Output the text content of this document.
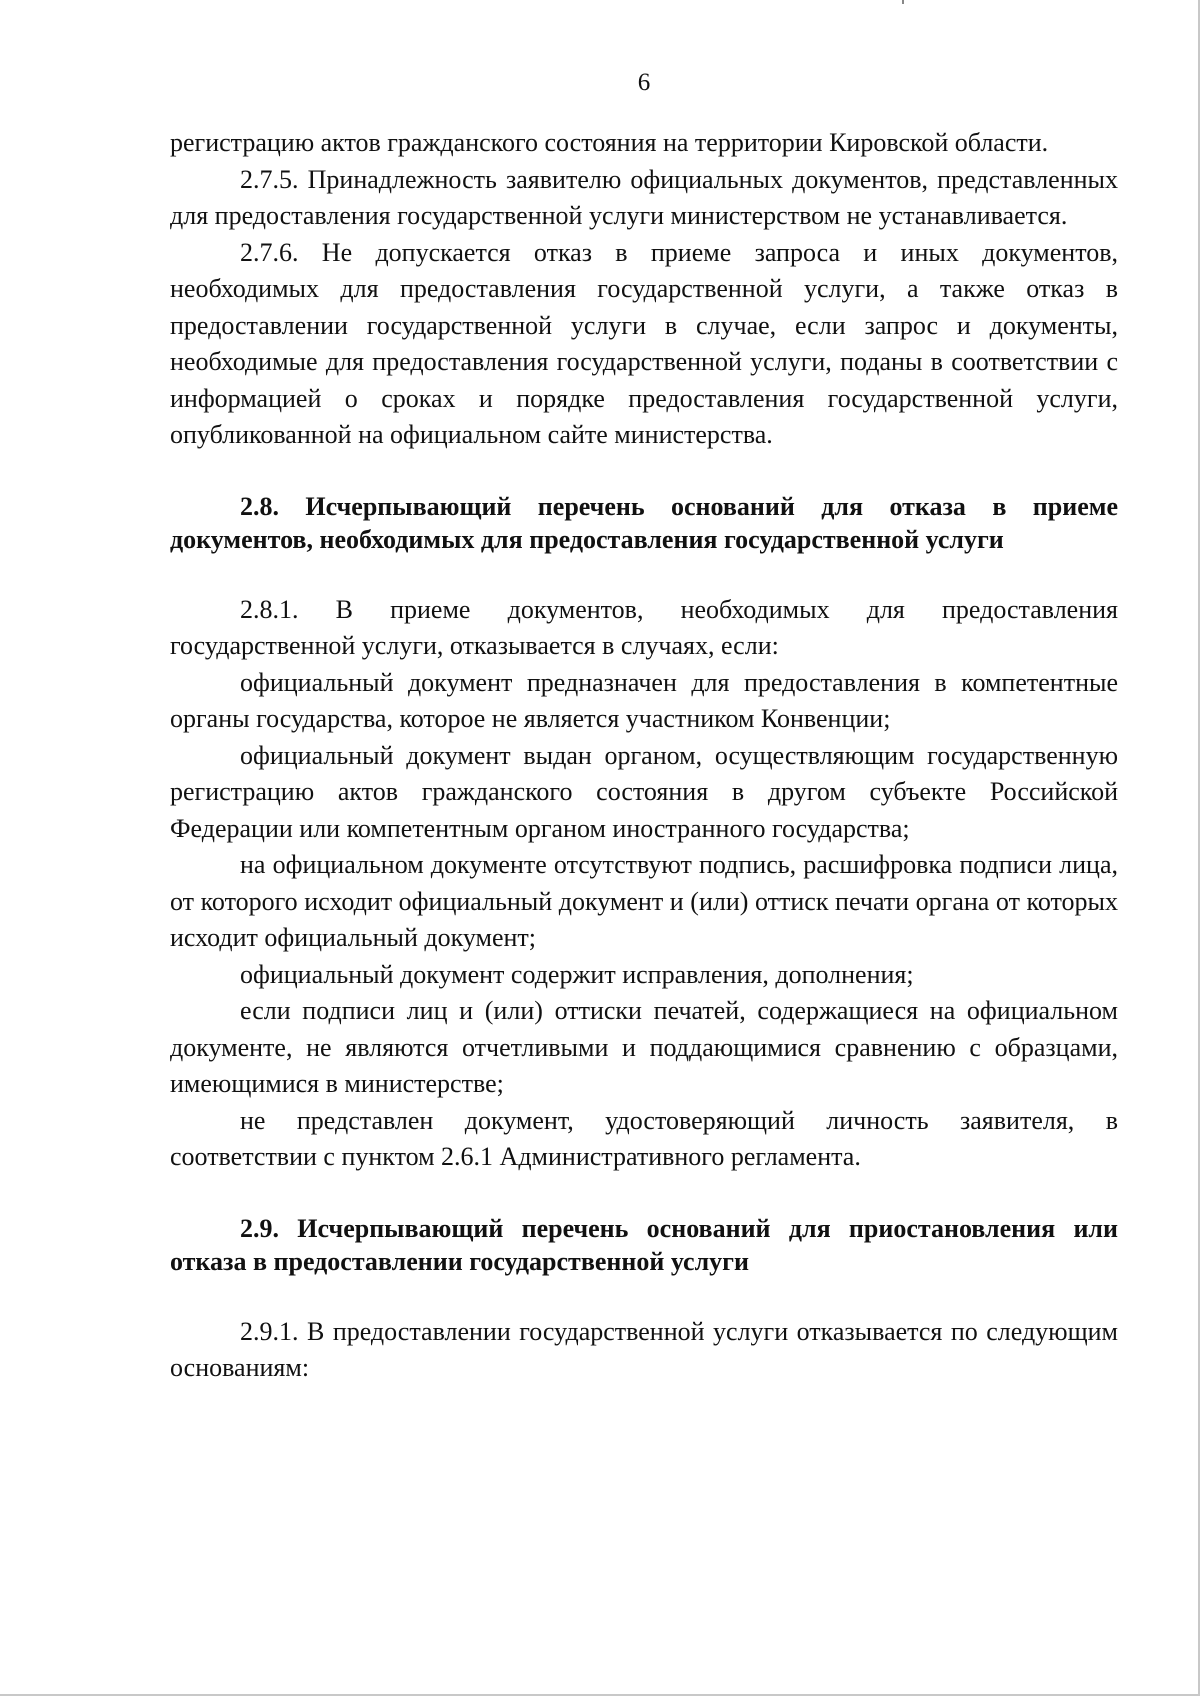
6

регистрацию актов гражданского состояния на территории Кировской области.

2.7.5. Принадлежность заявителю официальных документов, представленных для предоставления государственной услуги министерством не устанавливается.

2.7.6. Не допускается отказ в приеме запроса и иных документов, необходимых для предоставления государственной услуги, а также отказ в предоставлении государственной услуги в случае, если запрос и документы, необходимые для предоставления государственной услуги, поданы в соответствии с информацией о сроках и порядке предоставления государственной услуги, опубликованной на официальном сайте министерства.

2.8. Исчерпывающий перечень оснований для отказа в приеме документов, необходимых для предоставления государственной услуги

2.8.1. В приеме документов, необходимых для предоставления государственной услуги, отказывается в случаях, если:

официальный документ предназначен для предоставления в компетентные органы государства, которое не является участником Конвенции;

официальный документ выдан органом, осуществляющим государственную регистрацию актов гражданского состояния в другом субъекте Российской Федерации или компетентным органом иностранного государства;

на официальном документе отсутствуют подпись, расшифровка подписи лица, от которого исходит официальный документ и (или) оттиск печати органа от которых исходит официальный документ;

официальный документ содержит исправления, дополнения;

если подписи лиц и (или) оттиски печатей, содержащиеся на официальном документе, не являются отчетливыми и поддающимися сравнению с образцами, имеющимися в министерстве;

не представлен документ, удостоверяющий личность заявителя, в соответствии с пунктом 2.6.1 Административного регламента.

2.9. Исчерпывающий перечень оснований для приостановления или отказа в предоставлении государственной услуги

2.9.1. В предоставлении государственной услуги отказывается по следующим основаниям:
